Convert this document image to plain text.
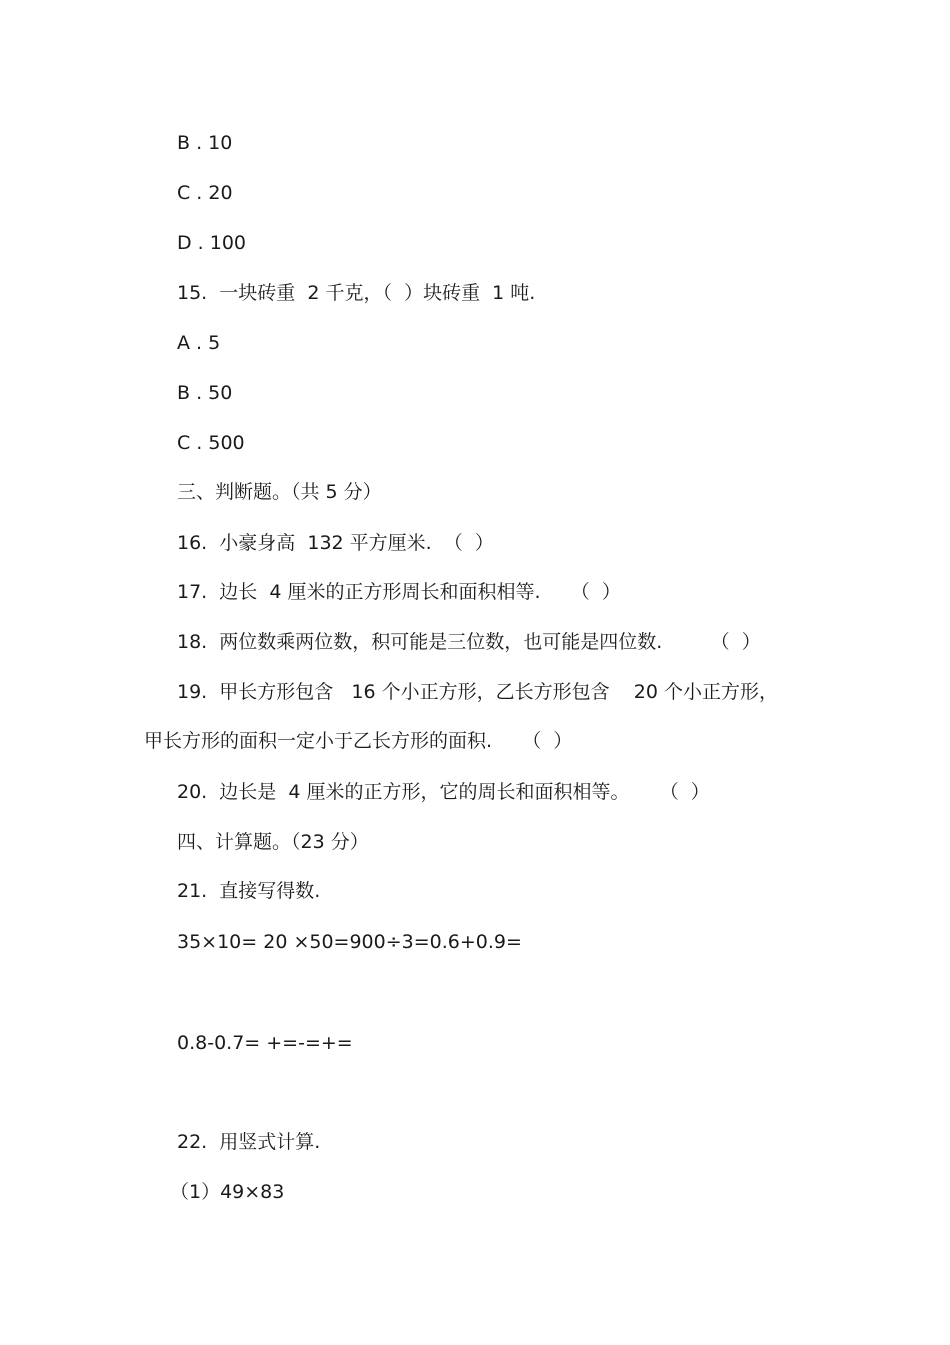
B . 10

C . 20

D . 100

15.  一块砖重  2 千克，（  ）块砖重  1 吨.

A . 5

B . 50

C . 500

三、判断题。（共 5 分）

16.  小豪身高  132 平方厘米.  （  ）

17.  边长  4 厘米的正方形周长和面积相等.     （  ）

18.  两位数乘两位数，积可能是三位数，也可能是四位数.        （  ）

19.  甲长方形包含   16 个小正方形，乙长方形包含    20 个小正方形，

甲长方形的面积一定小于乙长方形的面积.     （  ）

20.  边长是  4 厘米的正方形，它的周长和面积相等。     （  ）

四、计算题。（23 分）

21.  直接写得数.

35×10= 20 ×50=900÷3=0.6+0.9=

0.8-0.7= +=-=+=

22.  用竖式计算.

（1）49×83
